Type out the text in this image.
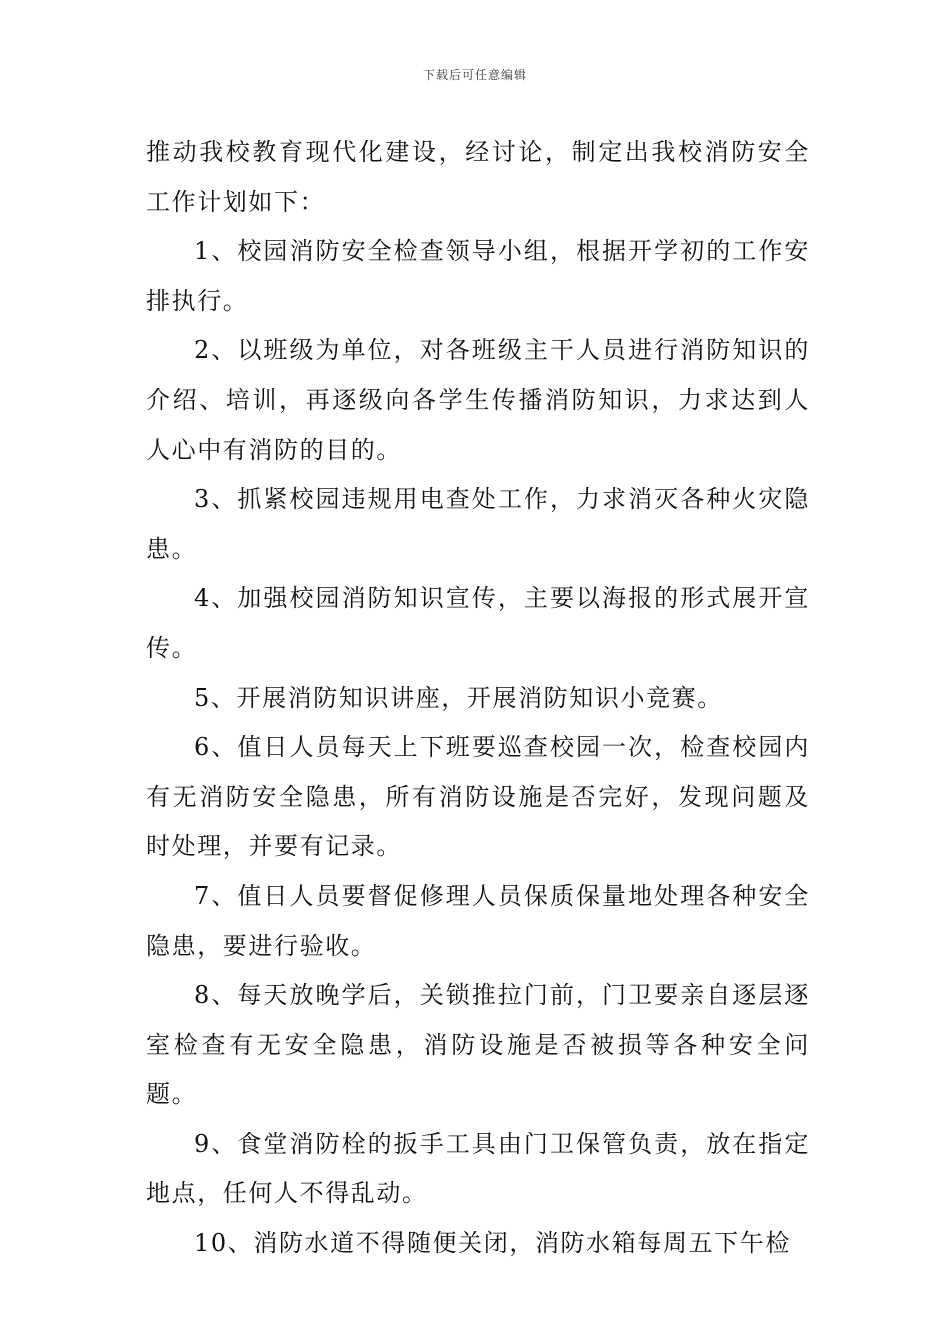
下载后可任意编辑

推动我校教育现代化建设，经讨论，制定出我校消防安全工作计划如下：

1、校园消防安全检查领导小组，根据开学初的工作安排执行。

2、以班级为单位，对各班级主干人员进行消防知识的介绍、培训，再逐级向各学生传播消防知识，力求达到人人心中有消防的目的。

3、抓紧校园违规用电查处工作，力求消灭各种火灾隐患。

4、加强校园消防知识宣传，主要以海报的形式展开宣传。

5、开展消防知识讲座，开展消防知识小竞赛。

6、值日人员每天上下班要巡查校园一次，检查校园内有无消防安全隐患，所有消防设施是否完好，发现问题及时处理，并要有记录。

7、值日人员要督促修理人员保质保量地处理各种安全隐患，要进行验收。

8、每天放晚学后，关锁推拉门前，门卫要亲自逐层逐室检查有无安全隐患，消防设施是否被损等各种安全问题。

9、食堂消防栓的扳手工具由门卫保管负责，放在指定地点，任何人不得乱动。

10、消防水道不得随便关闭，消防水箱每周五下午检
